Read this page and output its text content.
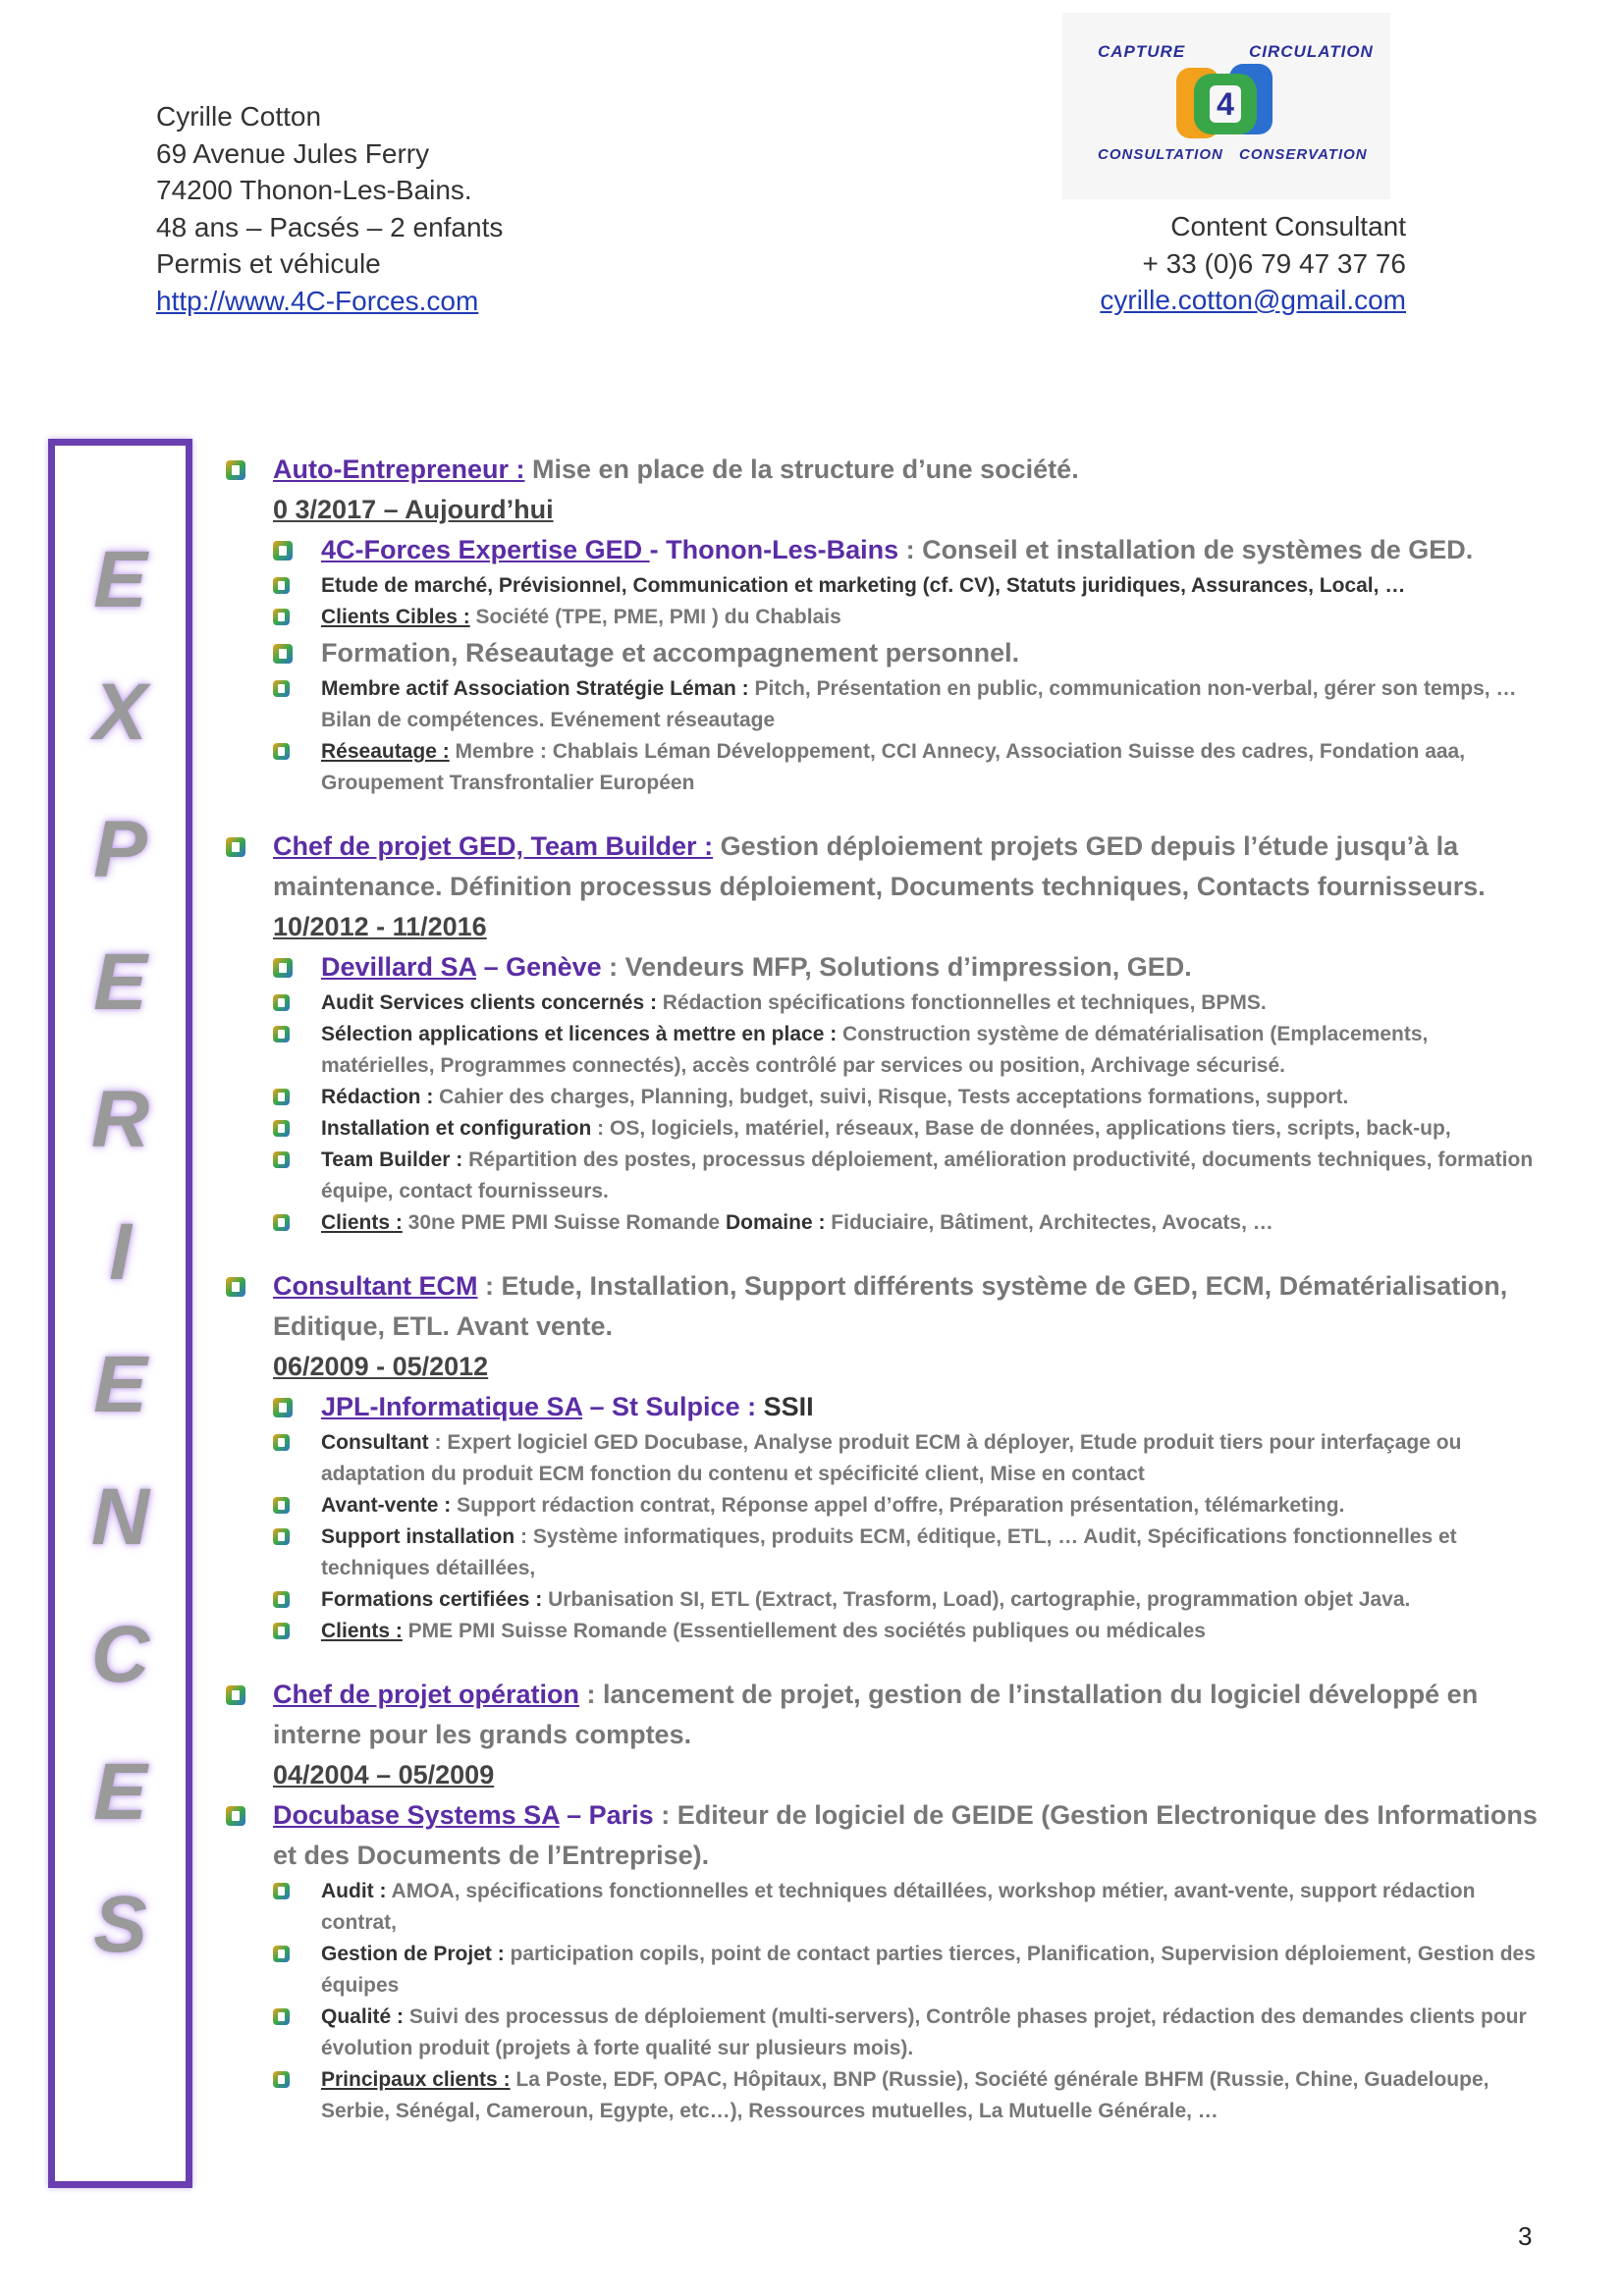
Cyrille Cotton
69 Avenue Jules Ferry
74200 Thonon-Les-Bains.
48 ans – Pacsés – 2 enfants
Permis et véhicule
http://www.4C-Forces.com
Content Consultant
+ 33 (0)6 79 47 37 76
cyrille.cotton@gmail.com
CAPTURE	CIRCULATION
CONSULTATION CONSERVATION
4
E
X
P
E
R
I
E
N
C
E
S
Auto-Entrepreneur : Mise en place de la structure d’une société.
0 3/2017 – Aujourd’hui
4C-Forces Expertise GED - Thonon-Les-Bains : Conseil et installation de systèmes de GED.
Etude de marché, Prévisionnel, Communication et marketing (cf. CV), Statuts juridiques, Assurances, Local, …
Clients Cibles : Société (TPE, PME, PMI ) du Chablais
Formation, Réseautage et accompagnement personnel.
Membre actif Association Stratégie Léman : Pitch, Présentation en public, communication non-verbal, gérer son temps, … Bilan de compétences. Evénement réseautage
Réseautage : Membre : Chablais Léman Développement, CCI Annecy, Association Suisse des cadres, Fondation aaa, Groupement Transfrontalier Européen
Chef de projet GED, Team Builder : Gestion déploiement projets GED depuis l’étude jusqu’à la maintenance. Définition processus déploiement, Documents techniques, Contacts fournisseurs.
10/2012 - 11/2016
Devillard SA – Genève : Vendeurs MFP, Solutions d’impression, GED.
Audit Services clients concernés : Rédaction spécifications fonctionnelles et techniques, BPMS.
Sélection applications et licences à mettre en place : Construction système de dématérialisation (Emplacements, matérielles, Programmes connectés), accès contrôlé par services ou position, Archivage sécurisé.
Rédaction : Cahier des charges, Planning, budget, suivi, Risque, Tests acceptations formations, support.
Installation et configuration : OS, logiciels, matériel, réseaux, Base de données, applications tiers, scripts, back-up,
Team Builder : Répartition des postes, processus déploiement, amélioration productivité, documents techniques, formation équipe, contact fournisseurs.
Clients : 30ne PME PMI Suisse Romande Domaine : Fiduciaire, Bâtiment, Architectes, Avocats, …
Consultant ECM : Etude, Installation, Support différents système de GED, ECM, Dématérialisation, Editique, ETL. Avant vente.
06/2009 - 05/2012
JPL-Informatique SA – St Sulpice : SSII
Consultant : Expert logiciel GED Docubase, Analyse produit ECM à déployer, Etude produit tiers pour interfaçage ou adaptation du produit ECM fonction du contenu et spécificité client, Mise en contact
Avant-vente : Support rédaction contrat, Réponse appel d’offre, Préparation présentation, télémarketing.
Support installation : Système informatiques, produits ECM, éditique, ETL, … Audit, Spécifications fonctionnelles et techniques détaillées,
Formations certifiées : Urbanisation SI, ETL (Extract, Trasform, Load), cartographie, programmation objet Java.
Clients : PME PMI Suisse Romande (Essentiellement des sociétés publiques ou médicales
Chef de projet opération : lancement de projet, gestion de l’installation du logiciel développé en interne pour les grands comptes.
04/2004 – 05/2009
Docubase Systems SA – Paris : Editeur de logiciel de GEIDE (Gestion Electronique des Informations et des Documents de l’Entreprise).
Audit : AMOA, spécifications fonctionnelles et techniques détaillées, workshop métier, avant-vente, support rédaction contrat,
Gestion de Projet : participation copils, point de contact parties tierces, Planification, Supervision déploiement, Gestion des équipes
Qualité : Suivi des processus de déploiement (multi-servers), Contrôle phases projet, rédaction des demandes clients pour évolution produit (projets à forte qualité sur plusieurs mois).
Principaux clients : La Poste, EDF, OPAC, Hôpitaux, BNP (Russie), Société générale BHFM (Russie, Chine, Guadeloupe, Serbie, Sénégal, Cameroun, Egypte, etc…), Ressources mutuelles, La Mutuelle Générale, …
3
